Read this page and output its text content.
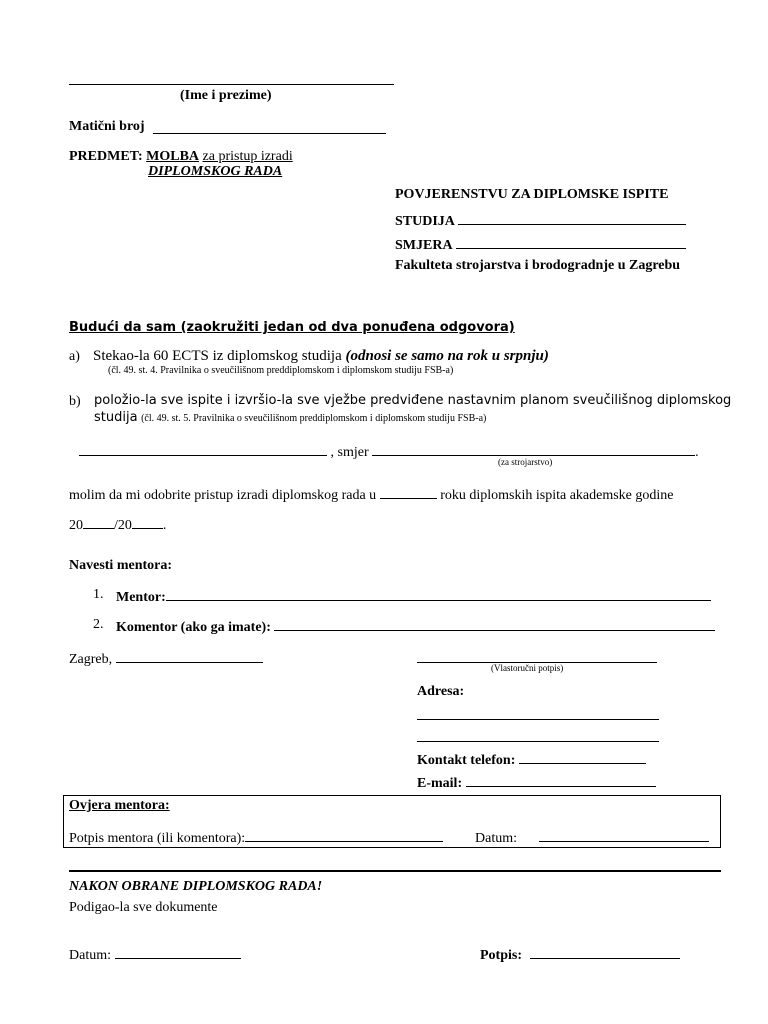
(Ime i prezime)
Matični broj
PREDMET: MOLBA za pristup izradi
DIPLOMSKOG RADA
POVJERENSTVU ZA DIPLOMSKE ISPITE
STUDIJA
SMJERA
Fakulteta strojarstva i brodogradnje u Zagrebu
Budući da sam (zaokružiti jedan od dva ponuđena odgovora)
a) Stekao-la 60 ECTS iz diplomskog studija (odnosi se samo na rok u srpnju)
(čl. 49. st. 4. Pravilnika o sveučilišnom preddiplomskom i diplomskom studiju FSB-a)
b) položio-la sve ispite i izvršio-la sve vježbe predviđene nastavnim planom sveučilišnog diplomskog
studija (čl. 49. st. 5. Pravilnika o sveučilišnom preddiplomskom i diplomskom studiju FSB-a)
, smjer	.
(za strojarstvo)
molim da mi odobrite pristup izradi diplomskog rada u	roku diplomskih ispita akademske godine
20 /20 .
Navesti mentora:
1. Mentor:
2. Komentor (ako ga imate):
Zagreb,
(Vlastoručni potpis)
Adresa:
Kontakt telefon:
E-mail:
Ovjera mentora:
Potpis mentora (ili komentora):	Datum:
NAKON OBRANE DIPLOMSKOG RADA!
Podigao-la sve dokumente
Datum:	Potpis:
